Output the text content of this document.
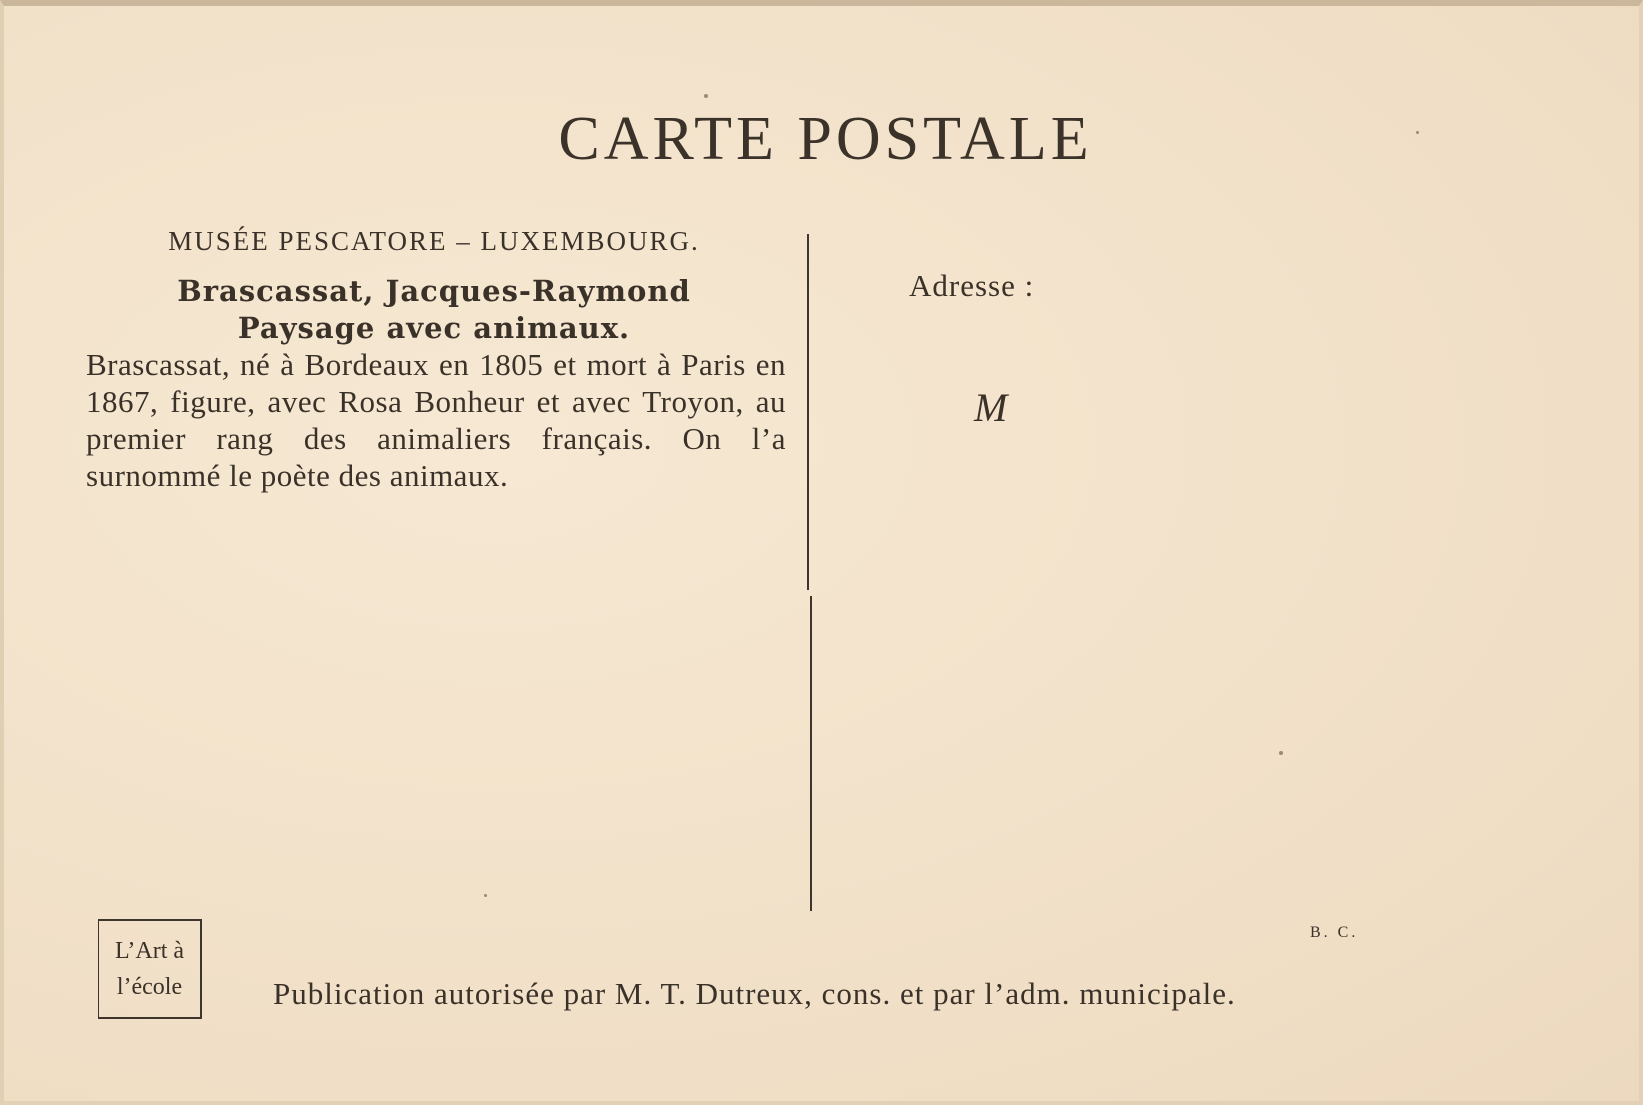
CARTE POSTALE
MUSÉE PESCATORE – LUXEMBOURG.
Brascassat, Jacques-Raymond
Paysage avec animaux.
Brascassat, né à Bordeaux en 1805 et mort à Paris en 1867, figure, avec Rosa Bonheur et avec Troyon, au premier rang des animaliers français. On l’a surnommé le poète des animaux.
Adresse :
M
L’Art à
l’école
B. C.
Publication autorisée par M. T. Dutreux, cons. et par l’adm. municipale.
